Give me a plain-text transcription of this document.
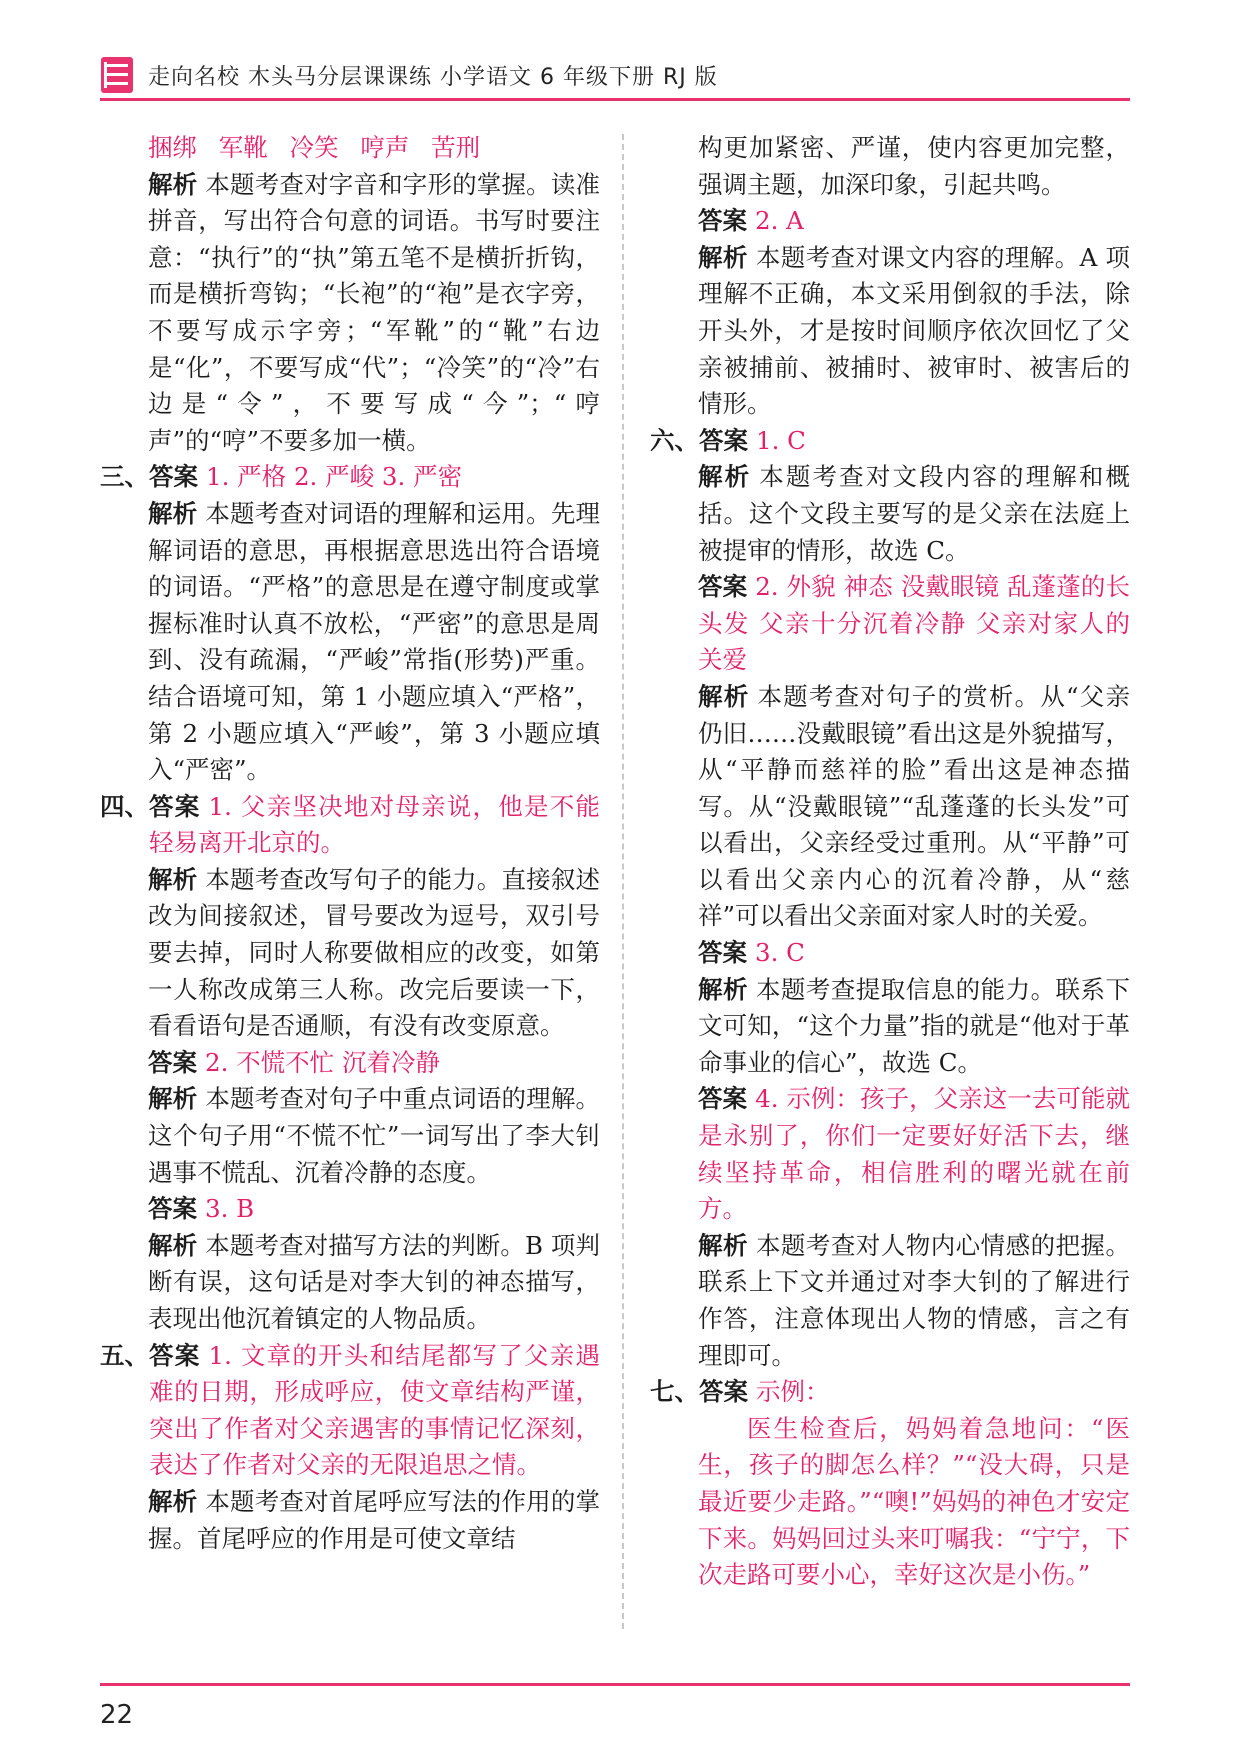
走向名校 木头马分层课课练 小学语文 6 年级下册 RJ 版

捆绑 军靴 冷笑 哼声 苦刑

解析 本题考查对字音和字形的掌握。读准拼音，写出符合句意的词语。书写时要注意：“执行”的“执”第五笔不是横折折钩，而是横折弯钩；“长袍”的“袍”是衣字旁，不要写成示字旁；“军靴”的“靴”右边是“化”，不要写成“代”；“冷笑”的“冷”右边是“令”，不要写成“今”；“哼声”的“哼”不要多加一横。

三、 答案 1. 严格 2. 严峻 3. 严密

解析 本题考查对词语的理解和运用。先理解词语的意思，再根据意思选出符合语境的词语。“严格”的意思是在遵守制度或掌握标准时认真不放松，“严密”的意思是周到、没有疏漏，“严峻”常指(形势)严重。结合语境可知，第 1 小题应填入“严格”，第 2 小题应填入“严峻”，第 3 小题应填入“严密”。

四、 答案 1. 父亲坚决地对母亲说，他是不能轻易离开北京的。

解析 本题考查改写句子的能力。直接叙述改为间接叙述，冒号要改为逗号，双引号要去掉，同时人称要做相应的改变，如第一人称改成第三人称。改完后要读一下，看看语句是否通顺，有没有改变原意。

答案 2. 不慌不忙 沉着冷静

解析 本题考查对句子中重点词语的理解。这个句子用“不慌不忙”一词写出了李大钊遇事不慌乱、沉着冷静的态度。

答案 3. B

解析 本题考查对描写方法的判断。B 项判断有误，这句话是对李大钊的神态描写，表现出他沉着镇定的人物品质。

五、 答案 1. 文章的开头和结尾都写了父亲遇难的日期，形成呼应，使文章结构严谨，突出了作者对父亲遇害的事情记忆深刻，表达了作者对父亲的无限追思之情。

解析 本题考查对首尾呼应写法的作用的掌握。首尾呼应的作用是可使文章结

构更加紧密、严谨，使内容更加完整，强调主题，加深印象，引起共鸣。

答案 2. A

解析 本题考查对课文内容的理解。A 项理解不正确，本文采用倒叙的手法，除开头外，才是按时间顺序依次回忆了父亲被捕前、被捕时、被审时、被害后的情形。

六、 答案 1. C

解析 本题考查对文段内容的理解和概括。这个文段主要写的是父亲在法庭上被提审的情形，故选 C。

答案 2. 外貌 神态 没戴眼镜 乱蓬蓬的长头发 父亲十分沉着冷静 父亲对家人的关爱

解析 本题考查对句子的赏析。从“父亲仍旧……没戴眼镜”看出这是外貌描写，从“平静而慈祥的脸”看出这是神态描写。从“没戴眼镜”“乱蓬蓬的长头发”可以看出，父亲经受过重刑。从“平静”可以看出父亲内心的沉着冷静，从“慈祥”可以看出父亲面对家人时的关爱。

答案 3. C

解析 本题考查提取信息的能力。联系下文可知，“这个力量”指的就是“他对于革命事业的信心”，故选 C。

答案 4. 示例：孩子，父亲这一去可能就是永别了，你们一定要好好活下去，继续坚持革命，相信胜利的曙光就在前方。

解析 本题考查对人物内心情感的把握。联系上下文并通过对李大钊的了解进行作答，注意体现出人物的情感，言之有理即可。

七、 答案 示例：

医生检查后，妈妈着急地问：“医生，孩子的脚怎么样？”“没大碍，只是最近要少走路。”“噢!”妈妈的神色才安定下来。妈妈回过头来叮嘱我：“宁宁，下次走路可要小心，幸好这次是小伤。”

22
